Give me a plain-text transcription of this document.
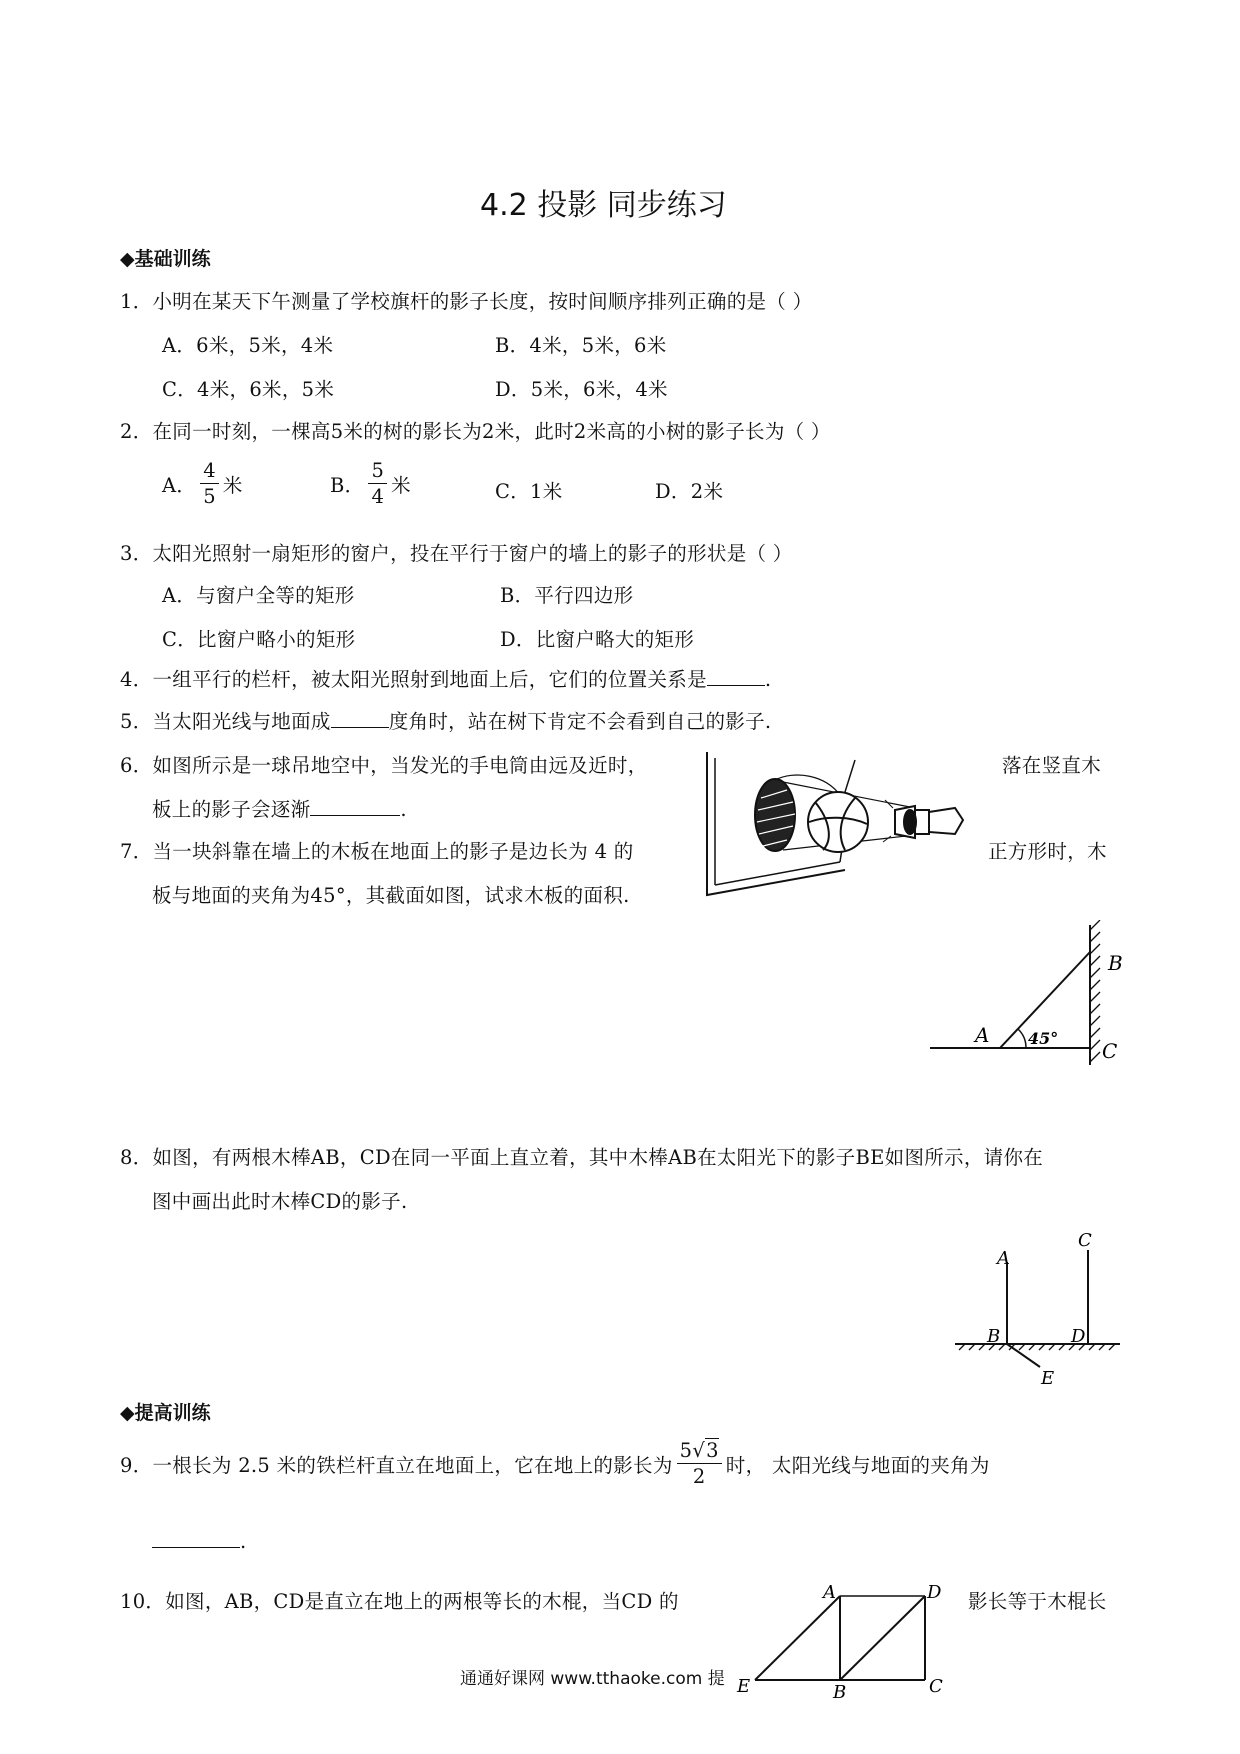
4.2 投影 同步练习
◆基础训练
1．小明在某天下午测量了学校旗杆的影子长度，按时间顺序排列正确的是（ ）
A．6米，5米，4米	B．4米，5米，6米
C．4米，6米，5米	D．5米，6米，4米
2．在同一时刻，一棵高5米的树的影长为2米，此时2米高的小树的影子长为（ ）
A． $\frac{4}{5}$ 米	B． $\frac{5}{4}$ 米	C．1米	D．2米
3．太阳光照射一扇矩形的窗户，投在平行于窗户的墙上的影子的形状是（ ）
A．与窗户全等的矩形	B．平行四边形
C．比窗户略小的矩形	D．比窗户略大的矩形
4．一组平行的栏杆，被太阳光照射到地面上后，它们的位置关系是	.
5．当太阳光线与地面成	度角时，站在树下肯定不会看到自己的影子.
6．如图所示是一球吊地空中，当发光的手电筒由远及近时，	落在竖直木
板上的影子会逐渐	.
7．当一块斜靠在墙上的木板在地面上的影子是边长为 4 的	正方形时，木
板与地面的夹角为45°，其截面如图，试求木板的面积.
B
A 45°
C
8．如图，有两根木棒AB，CD在同一平面上直立着，其中木棒AB在太阳光下的影子BE如图所示，请你在
图中画出此时木棒CD的影子.
A
C
B	D
E
◆提高训练
9．一根长为 2.5 米的铁栏杆直立在地面上，它在地上的影长为 $\frac{5√3}{2}$ 时， 太阳光线与地面的夹角为
.
10．如图，AB，CD是直立在地上的两根等长的木棍，当CD 的	影长等于木棍长
A	D
E	B	C
通通好课网 www.tthaoke.com 提
